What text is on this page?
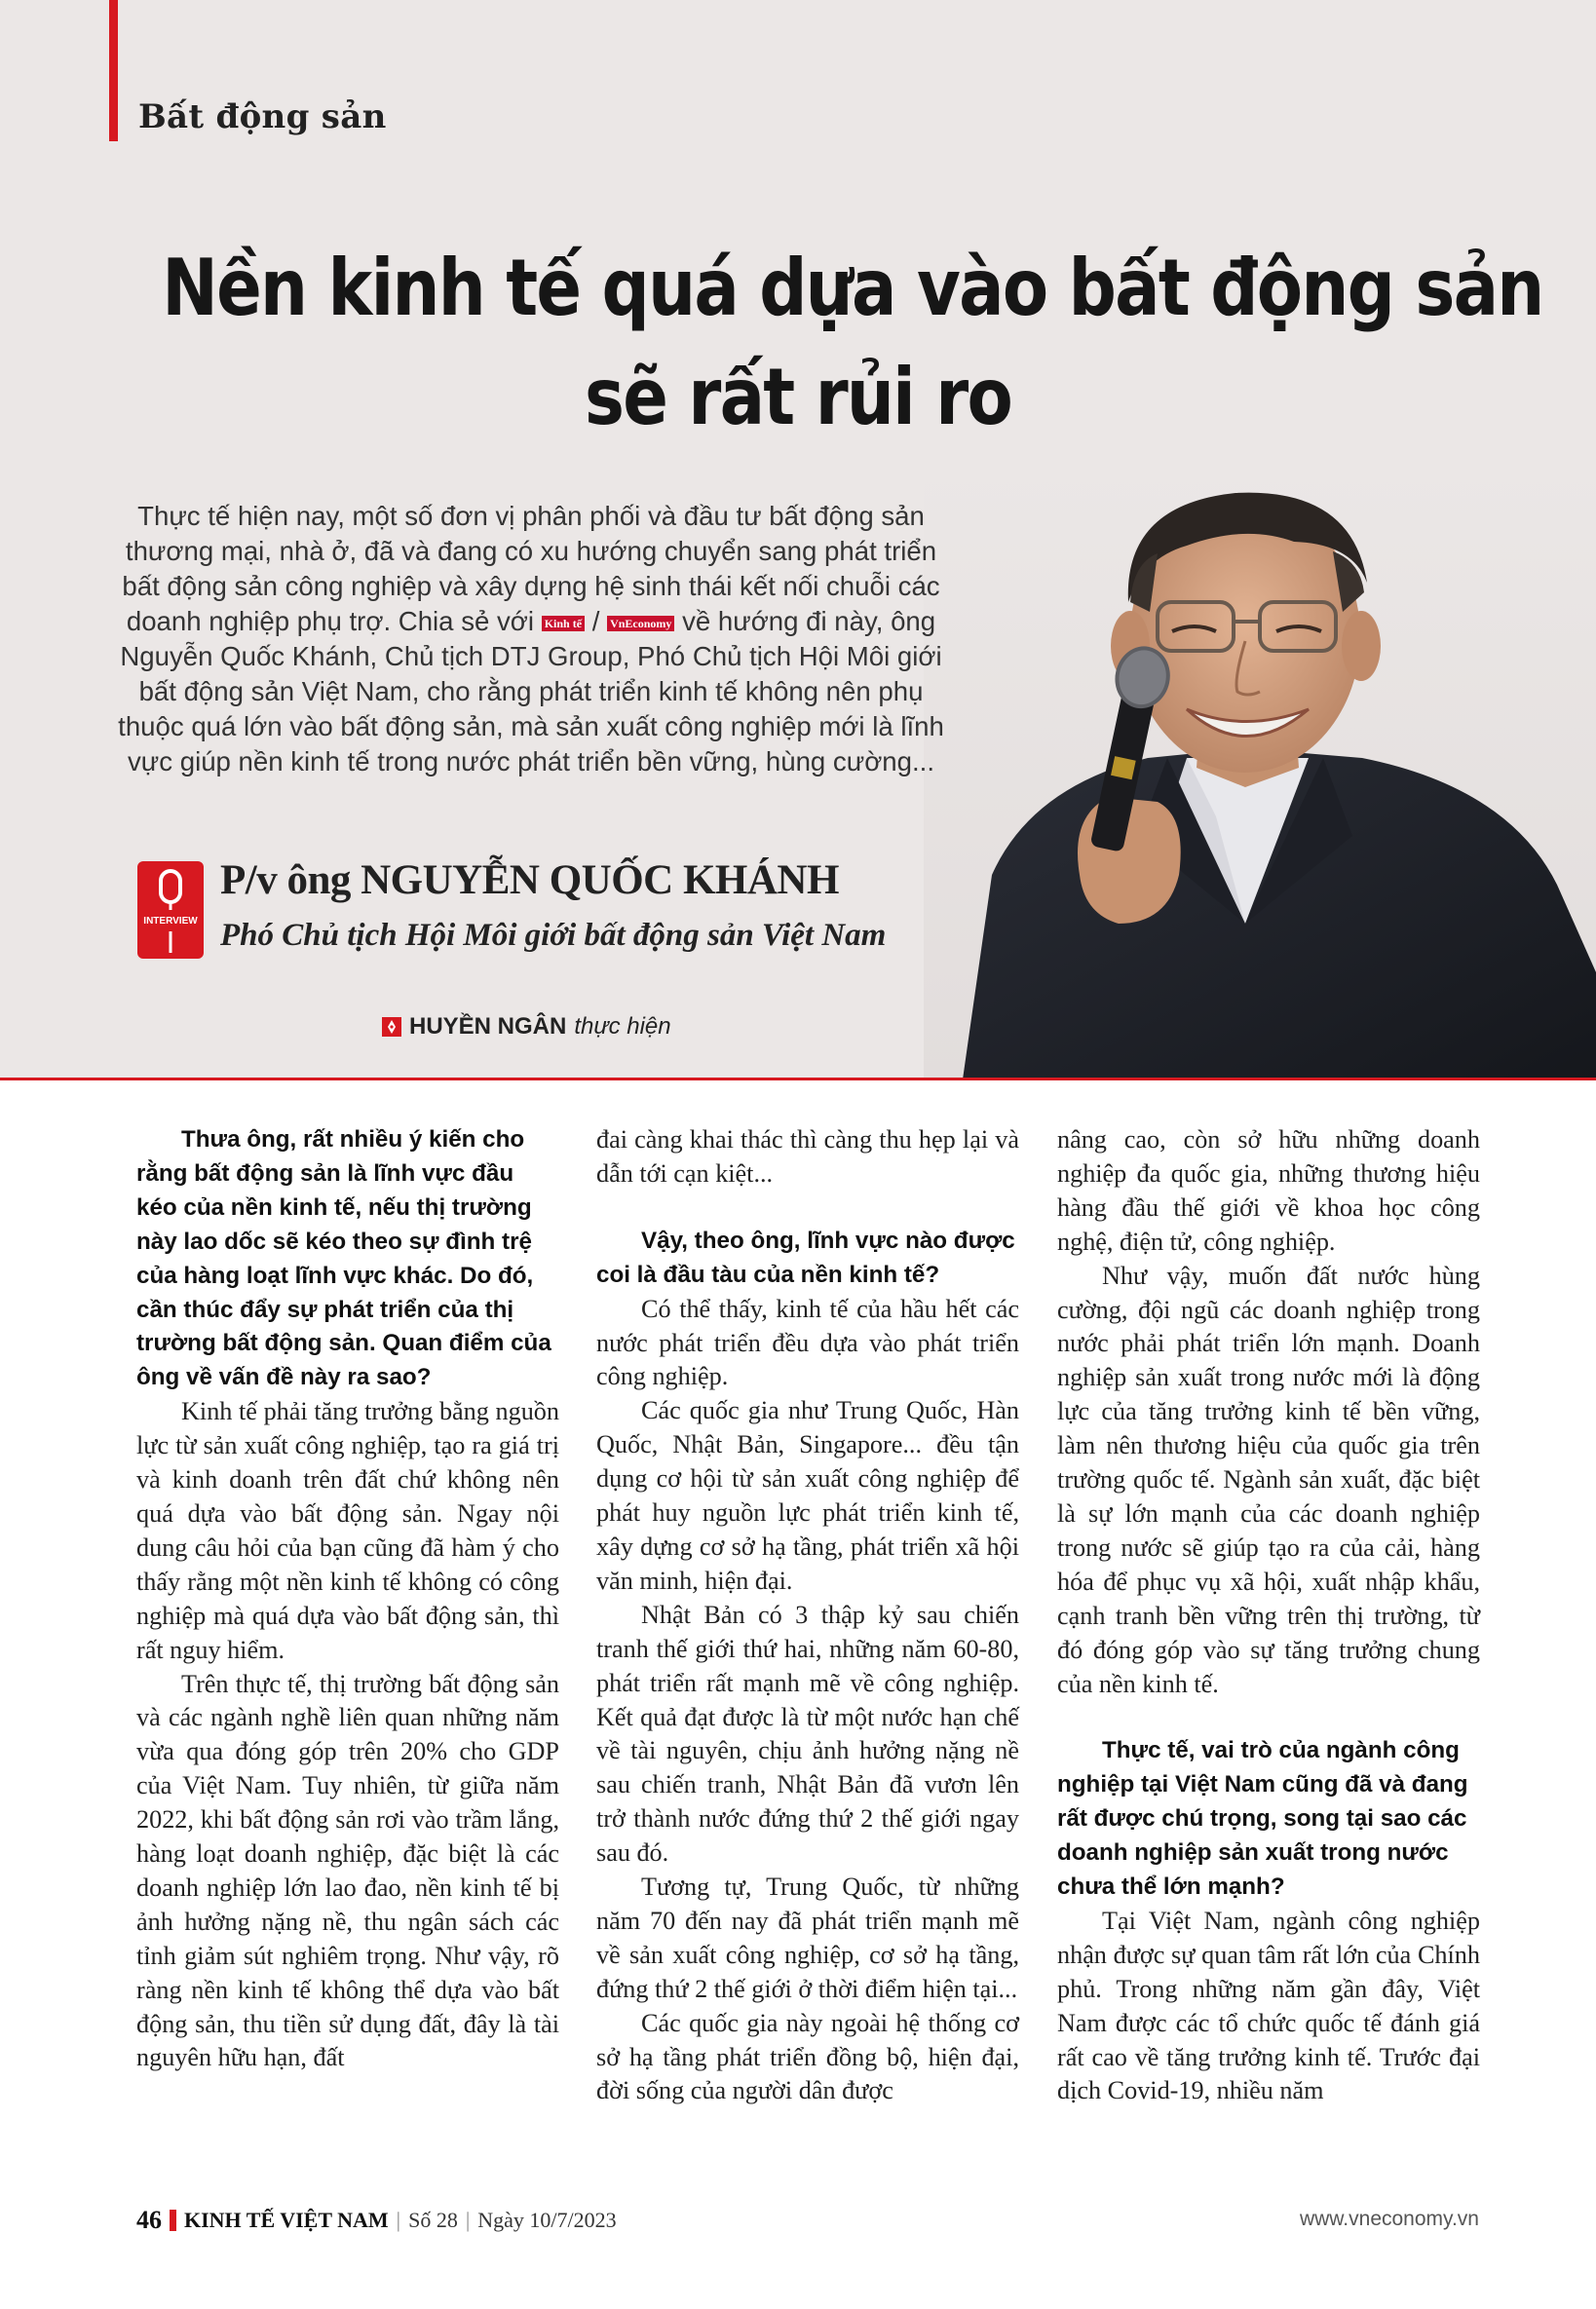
Bất động sản
Nền kinh tế quá dựa vào bất động sản
sẽ rất rủi ro
Thực tế hiện nay, một số đơn vị phân phối và đầu tư bất động sản thương mại, nhà ở, đã và đang có xu hướng chuyển sang phát triển bất động sản công nghiệp và xây dựng hệ sinh thái kết nối chuỗi các doanh nghiệp phụ trợ. Chia sẻ với Kinh tế / VnEconomy về hướng đi này, ông Nguyễn Quốc Khánh, Chủ tịch DTJ Group, Phó Chủ tịch Hội Môi giới bất động sản Việt Nam, cho rằng phát triển kinh tế không nên phụ thuộc quá lớn vào bất động sản, mà sản xuất công nghiệp mới là lĩnh vực giúp nền kinh tế trong nước phát triển bền vững, hùng cường...
INTERVIEW
P/v ông NGUYỄN QUỐC KHÁNH
Phó Chủ tịch Hội Môi giới bất động sản Việt Nam
HUYỀN NGÂN thực hiện

Thưa ông, rất nhiều ý kiến cho rằng bất động sản là lĩnh vực đầu kéo của nền kinh tế, nếu thị trường này lao dốc sẽ kéo theo sự đình trệ của hàng loạt lĩnh vực khác. Do đó, cần thúc đẩy sự phát triển của thị trường bất động sản. Quan điểm của ông về vấn đề này ra sao?

Kinh tế phải tăng trưởng bằng nguồn lực từ sản xuất công nghiệp, tạo ra giá trị và kinh doanh trên đất chứ không nên quá dựa vào bất động sản. Ngay nội dung câu hỏi của bạn cũng đã hàm ý cho thấy rằng một nền kinh tế không có công nghiệp mà quá dựa vào bất động sản, thì rất nguy hiểm.

Trên thực tế, thị trường bất động sản và các ngành nghề liên quan những năm vừa qua đóng góp trên 20% cho GDP của Việt Nam. Tuy nhiên, từ giữa năm 2022, khi bất động sản rơi vào trầm lắng, hàng loạt doanh nghiệp, đặc biệt là các doanh nghiệp lớn lao đao, nền kinh tế bị ảnh hưởng nặng nề, thu ngân sách các tỉnh giảm sút nghiêm trọng. Như vậy, rõ ràng nền kinh tế không thể dựa vào bất động sản, thu tiền sử dụng đất, đây là tài nguyên hữu hạn, đất

đai càng khai thác thì càng thu hẹp lại và dẫn tới cạn kiệt...

Vậy, theo ông, lĩnh vực nào được coi là đầu tàu của nền kinh tế?

Có thể thấy, kinh tế của hầu hết các nước phát triển đều dựa vào phát triển công nghiệp.

Các quốc gia như Trung Quốc, Hàn Quốc, Nhật Bản, Singapore... đều tận dụng cơ hội từ sản xuất công nghiệp để phát huy nguồn lực phát triển kinh tế, xây dựng cơ sở hạ tầng, phát triển xã hội văn minh, hiện đại.

Nhật Bản có 3 thập kỷ sau chiến tranh thế giới thứ hai, những năm 60-80, phát triển rất mạnh mẽ về công nghiệp. Kết quả đạt được là từ một nước hạn chế về tài nguyên, chịu ảnh hưởng nặng nề sau chiến tranh, Nhật Bản đã vươn lên trở thành nước đứng thứ 2 thế giới ngay sau đó.

Tương tự, Trung Quốc, từ những năm 70 đến nay đã phát triển mạnh mẽ về sản xuất công nghiệp, cơ sở hạ tầng, đứng thứ 2 thế giới ở thời điểm hiện tại...

Các quốc gia này ngoài hệ thống cơ sở hạ tầng phát triển đồng bộ, hiện đại, đời sống của người dân được

nâng cao, còn sở hữu những doanh nghiệp đa quốc gia, những thương hiệu hàng đầu thế giới về khoa học công nghệ, điện tử, công nghiệp.

Như vậy, muốn đất nước hùng cường, đội ngũ các doanh nghiệp trong nước phải phát triển lớn mạnh. Doanh nghiệp sản xuất trong nước mới là động lực của tăng trưởng kinh tế bền vững, làm nên thương hiệu của quốc gia trên trường quốc tế. Ngành sản xuất, đặc biệt là sự lớn mạnh của các doanh nghiệp trong nước sẽ giúp tạo ra của cải, hàng hóa để phục vụ xã hội, xuất nhập khẩu, cạnh tranh bền vững trên thị trường, từ đó đóng góp vào sự tăng trưởng chung của nền kinh tế.

Thực tế, vai trò của ngành công nghiệp tại Việt Nam cũng đã và đang rất được chú trọng, song tại sao các doanh nghiệp sản xuất trong nước chưa thể lớn mạnh?

Tại Việt Nam, ngành công nghiệp nhận được sự quan tâm rất lớn của Chính phủ. Trong những năm gần đây, Việt Nam được các tổ chức quốc tế đánh giá rất cao về tăng trưởng kinh tế. Trước đại dịch Covid-19, nhiều năm

46 KINH TẾ VIỆT NAM | Số 28 | Ngày 10/7/2023	www.vneconomy.vn
